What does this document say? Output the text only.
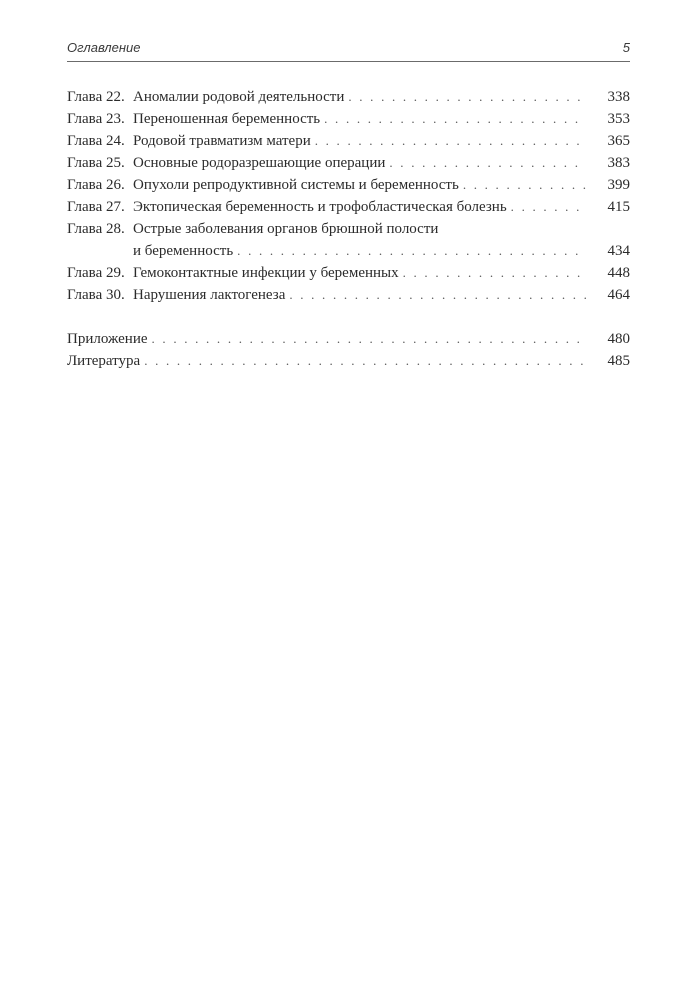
Оглавление	5
Глава 22. Аномалии родовой деятельности . . .	338
Глава 23. Переношенная беременность . . .	353
Глава 24. Родовой травматизм матери . . .	365
Глава 25. Основные родоразрешающие операции . . .	383
Глава 26. Опухоли репродуктивной системы и беременность . . .	399
Глава 27. Эктопическая беременность и трофобластическая болезнь . . .	415
Глава 28. Острые заболевания органов брюшной полости
и беременность . . .	434
Глава 29. Гемоконтактные инфекции у беременных . . .	448
Глава 30. Нарушения лактогенеза . . .	464
Приложение . . .	480
Литература . . .	485
